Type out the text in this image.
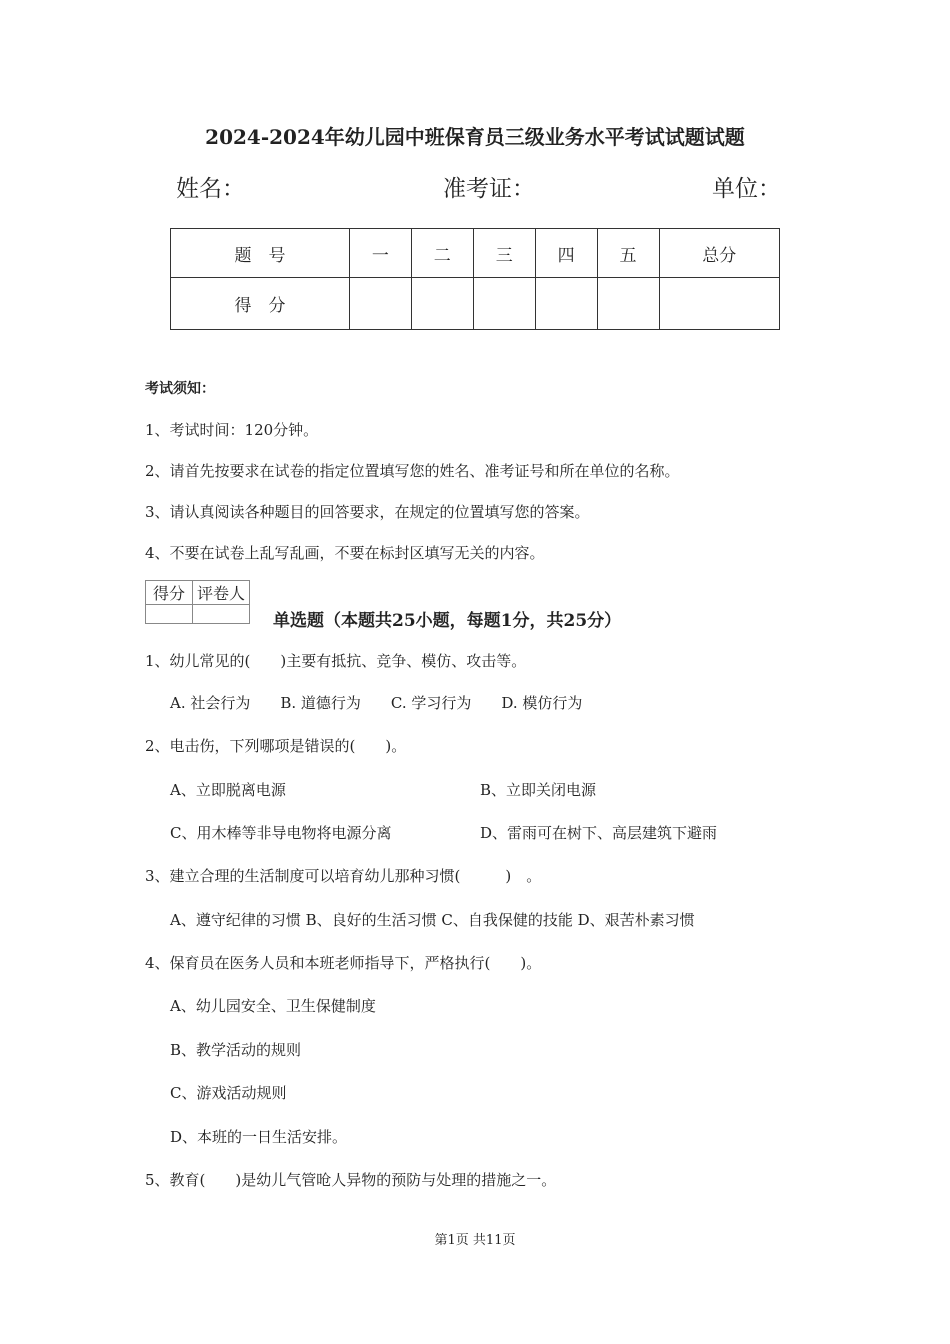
2024-2024年幼儿园中班保育员三级业务水平考试试题试题
姓名：	准考证：	单位：
题　号	一	二	三	四	五	总分
得　分						
考试须知：
1、考试时间：120分钟。
2、请首先按要求在试卷的指定位置填写您的姓名、准考证号和所在单位的名称。
3、请认真阅读各种题目的回答要求，在规定的位置填写您的答案。
4、不要在试卷上乱写乱画，不要在标封区填写无关的内容。
得分	评卷人

单选题（本题共25小题，每题1分，共25分）
1、幼儿常见的(　　)主要有抵抗、竞争、模仿、攻击等。
A. 社会行为　　B. 道德行为　　C. 学习行为　　D. 模仿行为
2、电击伤，下列哪项是错误的(　　)。
A、立即脱离电源	B、立即关闭电源
C、用木棒等非导电物将电源分离	D、雷雨可在树下、高层建筑下避雨
3、建立合理的生活制度可以培育幼儿那种习惯(　　　)　。
A、遵守纪律的习惯 B、良好的生活习惯 C、自我保健的技能 D、艰苦朴素习惯
4、保育员在医务人员和本班老师指导下，严格执行(　　)。
A、幼儿园安全、卫生保健制度
B、教学活动的规则
C、游戏活动规则
D、本班的一日生活安排。
5、教育(　　)是幼儿气管呛人异物的预防与处理的措施之一。
第1页 共11页
